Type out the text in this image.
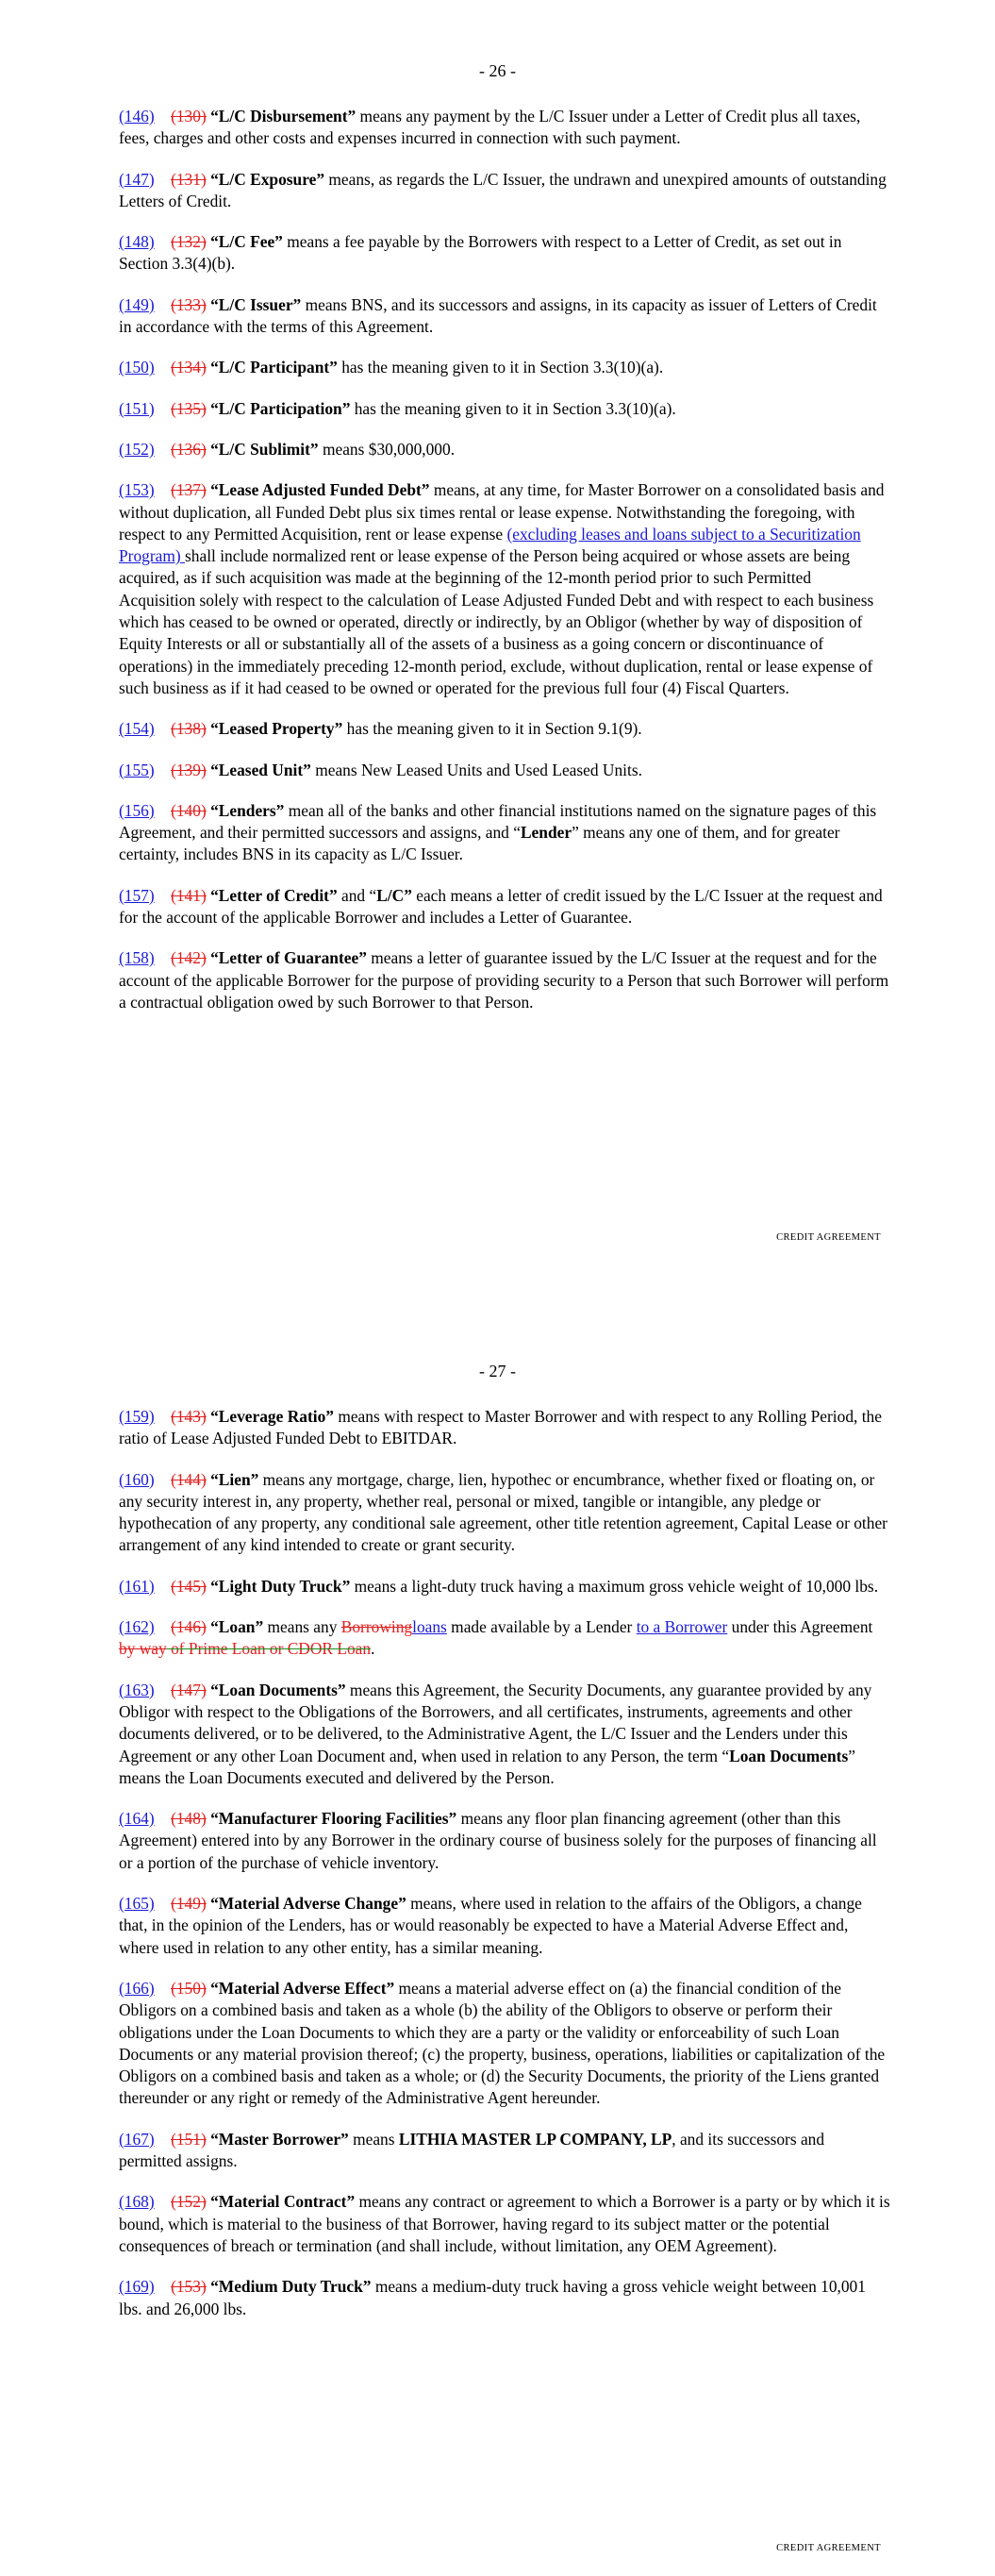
- 26 -

(146) (130) “L/C Disbursement” means any payment by the L/C Issuer under a Letter of Credit plus all taxes, fees, charges and other costs and expenses incurred in connection with such payment.

(147) (131) “L/C Exposure” means, as regards the L/C Issuer, the undrawn and unexpired amounts of outstanding Letters of Credit.

(148) (132) “L/C Fee” means a fee payable by the Borrowers with respect to a Letter of Credit, as set out in Section 3.3(4)(b).

(149) (133) “L/C Issuer” means BNS, and its successors and assigns, in its capacity as issuer of Letters of Credit in accordance with the terms of this Agreement.

(150) (134) “L/C Participant” has the meaning given to it in Section 3.3(10)(a).

(151) (135) “L/C Participation” has the meaning given to it in Section 3.3(10)(a).

(152) (136) “L/C Sublimit” means $30,000,000.

(153) (137) “Lease Adjusted Funded Debt” means, at any time, for Master Borrower on a consolidated basis and without duplication, all Funded Debt plus six times rental or lease expense. Notwithstanding the foregoing, with respect to any Permitted Acquisition, rent or lease expense (excluding leases and loans subject to a Securitization Program) shall include normalized rent or lease expense of the Person being acquired or whose assets are being acquired, as if such acquisition was made at the beginning of the 12-month period prior to such Permitted Acquisition solely with respect to the calculation of Lease Adjusted Funded Debt and with respect to each business which has ceased to be owned or operated, directly or indirectly, by an Obligor (whether by way of disposition of Equity Interests or all or substantially all of the assets of a business as a going concern or discontinuance of operations) in the immediately preceding 12-month period, exclude, without duplication, rental or lease expense of such business as if it had ceased to be owned or operated for the previous full four (4) Fiscal Quarters.

(154) (138) “Leased Property” has the meaning given to it in Section 9.1(9).

(155) (139) “Leased Unit” means New Leased Units and Used Leased Units.

(156) (140) “Lenders” mean all of the banks and other financial institutions named on the signature pages of this Agreement, and their permitted successors and assigns, and “Lender” means any one of them, and for greater certainty, includes BNS in its capacity as L/C Issuer.

(157) (141) “Letter of Credit” and “L/C” each means a letter of credit issued by the L/C Issuer at the request and for the account of the applicable Borrower and includes a Letter of Guarantee.

(158) (142) “Letter of Guarantee” means a letter of guarantee issued by the L/C Issuer at the request and for the account of the applicable Borrower for the purpose of providing security to a Person that such Borrower will perform a contractual obligation owed by such Borrower to that Person.

CREDIT AGREEMENT
- 27 -

(159) (143) “Leverage Ratio” means with respect to Master Borrower and with respect to any Rolling Period, the ratio of Lease Adjusted Funded Debt to EBITDAR.

(160) (144) “Lien” means any mortgage, charge, lien, hypothec or encumbrance, whether fixed or floating on, or any security interest in, any property, whether real, personal or mixed, tangible or intangible, any pledge or hypothecation of any property, any conditional sale agreement, other title retention agreement, Capital Lease or other arrangement of any kind intended to create or grant security.

(161) (145) “Light Duty Truck” means a light-duty truck having a maximum gross vehicle weight of 10,000 lbs.

(162) (146) “Loan” means any Borrowingloans made available by a Lender to a Borrower under this Agreement by way of Prime Loan or CDOR Loan.

(163) (147) “Loan Documents” means this Agreement, the Security Documents, any guarantee provided by any Obligor with respect to the Obligations of the Borrowers, and all certificates, instruments, agreements and other documents delivered, or to be delivered, to the Administrative Agent, the L/C Issuer and the Lenders under this Agreement or any other Loan Document and, when used in relation to any Person, the term “Loan Documents” means the Loan Documents executed and delivered by the Person.

(164) (148) “Manufacturer Flooring Facilities” means any floor plan financing agreement (other than this Agreement) entered into by any Borrower in the ordinary course of business solely for the purposes of financing all or a portion of the purchase of vehicle inventory.

(165) (149) “Material Adverse Change” means, where used in relation to the affairs of the Obligors, a change that, in the opinion of the Lenders, has or would reasonably be expected to have a Material Adverse Effect and, where used in relation to any other entity, has a similar meaning.

(166) (150) “Material Adverse Effect” means a material adverse effect on (a) the financial condition of the Obligors on a combined basis and taken as a whole (b) the ability of the Obligors to observe or perform their obligations under the Loan Documents to which they are a party or the validity or enforceability of such Loan Documents or any material provision thereof; (c) the property, business, operations, liabilities or capitalization of the Obligors on a combined basis and taken as a whole; or (d) the Security Documents, the priority of the Liens granted thereunder or any right or remedy of the Administrative Agent hereunder.

(167) (151) “Master Borrower” means LITHIA MASTER LP COMPANY, LP, and its successors and permitted assigns.

(168) (152) “Material Contract” means any contract or agreement to which a Borrower is a party or by which it is bound, which is material to the business of that Borrower, having regard to its subject matter or the potential consequences of breach or termination (and shall include, without limitation, any OEM Agreement).

(169) (153) “Medium Duty Truck” means a medium-duty truck having a gross vehicle weight between 10,001 lbs. and 26,000 lbs.

CREDIT AGREEMENT
